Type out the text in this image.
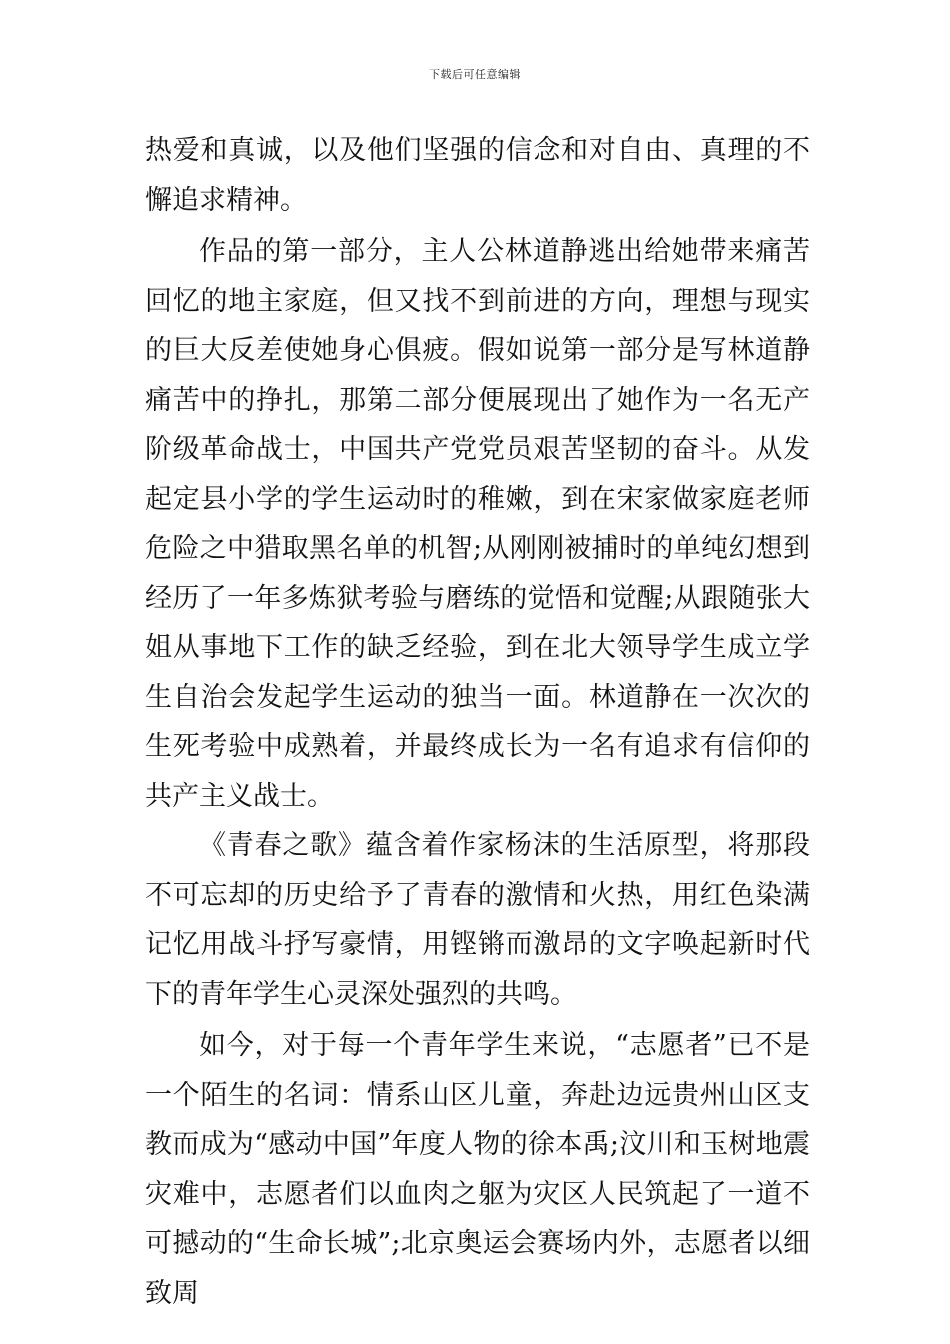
下载后可任意编辑

热爱和真诚，以及他们坚强的信念和对自由、真理的不懈追求精神。

作品的第一部分，主人公林道静逃出给她带来痛苦回忆的地主家庭，但又找不到前进的方向，理想与现实的巨大反差使她身心俱疲。假如说第一部分是写林道静痛苦中的挣扎，那第二部分便展现出了她作为一名无产阶级革命战士，中国共产党党员艰苦坚韧的奋斗。从发起定县小学的学生运动时的稚嫩，到在宋家做家庭老师危险之中猎取黑名单的机智;从刚刚被捕时的单纯幻想到经历了一年多炼狱考验与磨练的觉悟和觉醒;从跟随张大姐从事地下工作的缺乏经验，到在北大领导学生成立学生自治会发起学生运动的独当一面。林道静在一次次的生死考验中成熟着，并最终成长为一名有追求有信仰的共产主义战士。

《青春之歌》蕴含着作家杨沫的生活原型，将那段不可忘却的历史给予了青春的激情和火热，用红色染满记忆用战斗抒写豪情，用铿锵而激昂的文字唤起新时代下的青年学生心灵深处强烈的共鸣。

如今，对于每一个青年学生来说，“志愿者”已不是一个陌生的名词：情系山区儿童，奔赴边远贵州山区支教而成为“感动中国”年度人物的徐本禹;汶川和玉树地震灾难中，志愿者们以血肉之躯为灾区人民筑起了一道不可撼动的“生命长城”;北京奥运会赛场内外，志愿者以细致周
